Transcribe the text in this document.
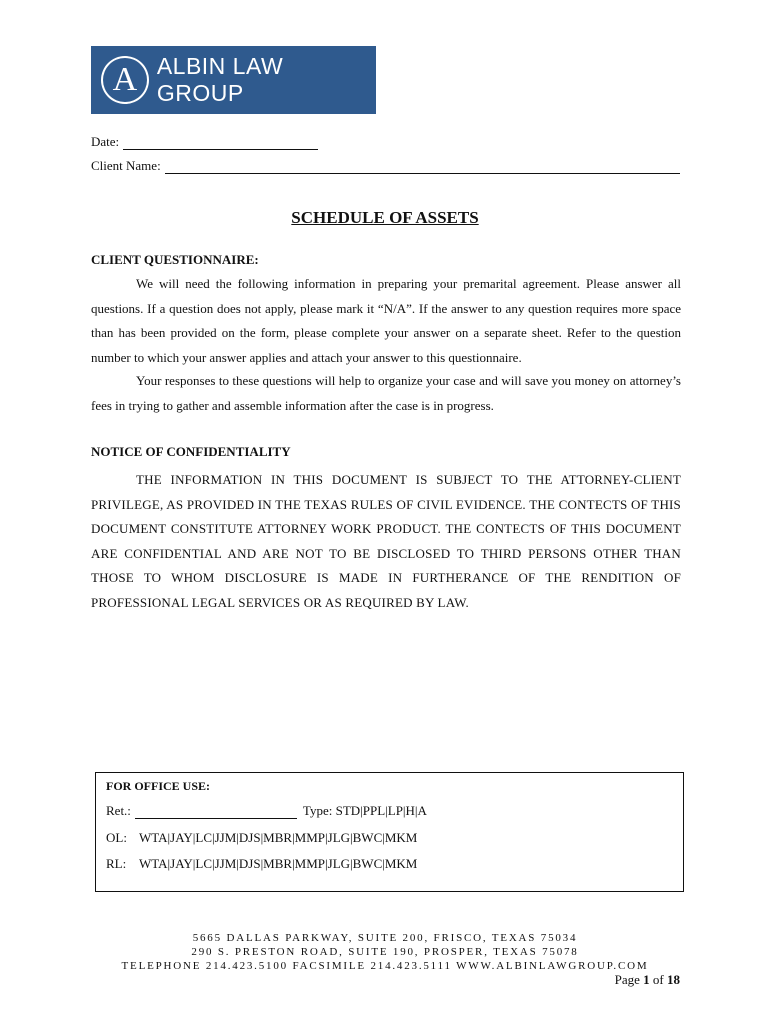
A ALBIN LAW GROUP
Date:
Client Name:
SCHEDULE OF ASSETS
CLIENT QUESTIONNAIRE:
We will need the following information in preparing your premarital agreement. Please answer all questions. If a question does not apply, please mark it “N/A”. If the answer to any question requires more space than has been provided on the form, please complete your answer on a separate sheet. Refer to the question number to which your answer applies and attach your answer to this questionnaire.
Your responses to these questions will help to organize your case and will save you money on attorney’s fees in trying to gather and assemble information after the case is in progress.
NOTICE OF CONFIDENTIALITY
THE INFORMATION IN THIS DOCUMENT IS SUBJECT TO THE ATTORNEY-CLIENT PRIVILEGE, AS PROVIDED IN THE TEXAS RULES OF CIVIL EVIDENCE. THE CONTECTS OF THIS DOCUMENT CONSTITUTE ATTORNEY WORK PRODUCT. THE CONTECTS OF THIS DOCUMENT ARE CONFIDENTIAL AND ARE NOT TO BE DISCLOSED TO THIRD PERSONS OTHER THAN THOSE TO WHOM DISCLOSURE IS MADE IN FURTHERANCE OF THE RENDITION OF PROFESSIONAL LEGAL SERVICES OR AS REQUIRED BY LAW.
FOR OFFICE USE:
Ret.:	Type: STD|PPL|LP|H|A
OL: WTA|JAY|LC|JJM|DJS|MBR|MMP|JLG|BWC|MKM
RL: WTA|JAY|LC|JJM|DJS|MBR|MMP|JLG|BWC|MKM
5665 DALLAS PARKWAY, SUITE 200, FRISCO, TEXAS 75034
290 S. PRESTON ROAD, SUITE 190, PROSPER, TEXAS 75078
TELEPHONE 214.423.5100 FACSIMILE 214.423.5111 WWW.ALBINLAWGROUP.COM
Page 1 of 18
